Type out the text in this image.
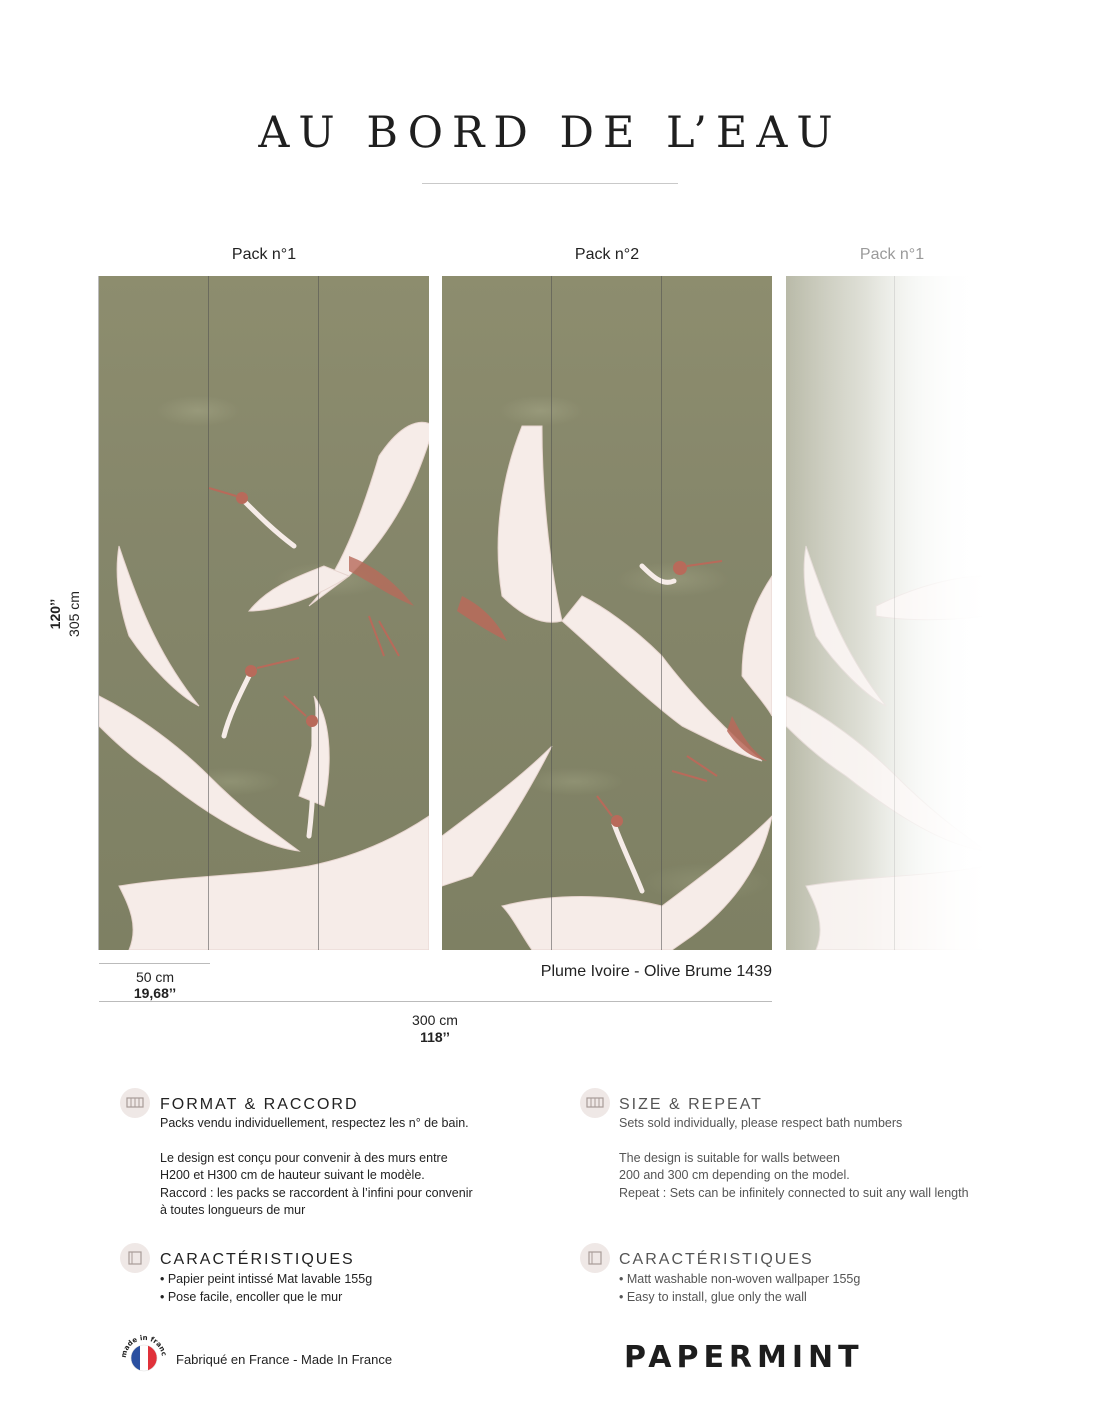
AU BORD DE L’EAU
Pack n°1	Pack n°2	Pack n°1
120’’ 305 cm
50 cm
19,68’’
Plume Ivoire - Olive Brume 1439
300 cm
118’’
FORMAT & RACCORD

Packs vendu individuellement, respectez les n° de bain.

Le design est conçu pour convenir à des murs entre

H200 et H300 cm de hauteur suivant le modèle.

Raccord : les packs se raccordent à l’infini pour convenir

à toutes longueurs de mur

SIZE & REPEAT

Sets sold individually, please respect bath numbers

The design is suitable for walls between

200 and 300 cm depending on the model.

Repeat : Sets can be infinitely connected to suit any wall length

CARACTÉRISTIQUES

• Papier peint intissé Mat lavable 155g

• Pose facile, encoller que le mur

CARACTÉRISTIQUES

• Matt washable non-woven wallpaper 155g

• Easy to install, glue only the wall

made in franc Fabriqué en France - Made In France	PAPERMINT
